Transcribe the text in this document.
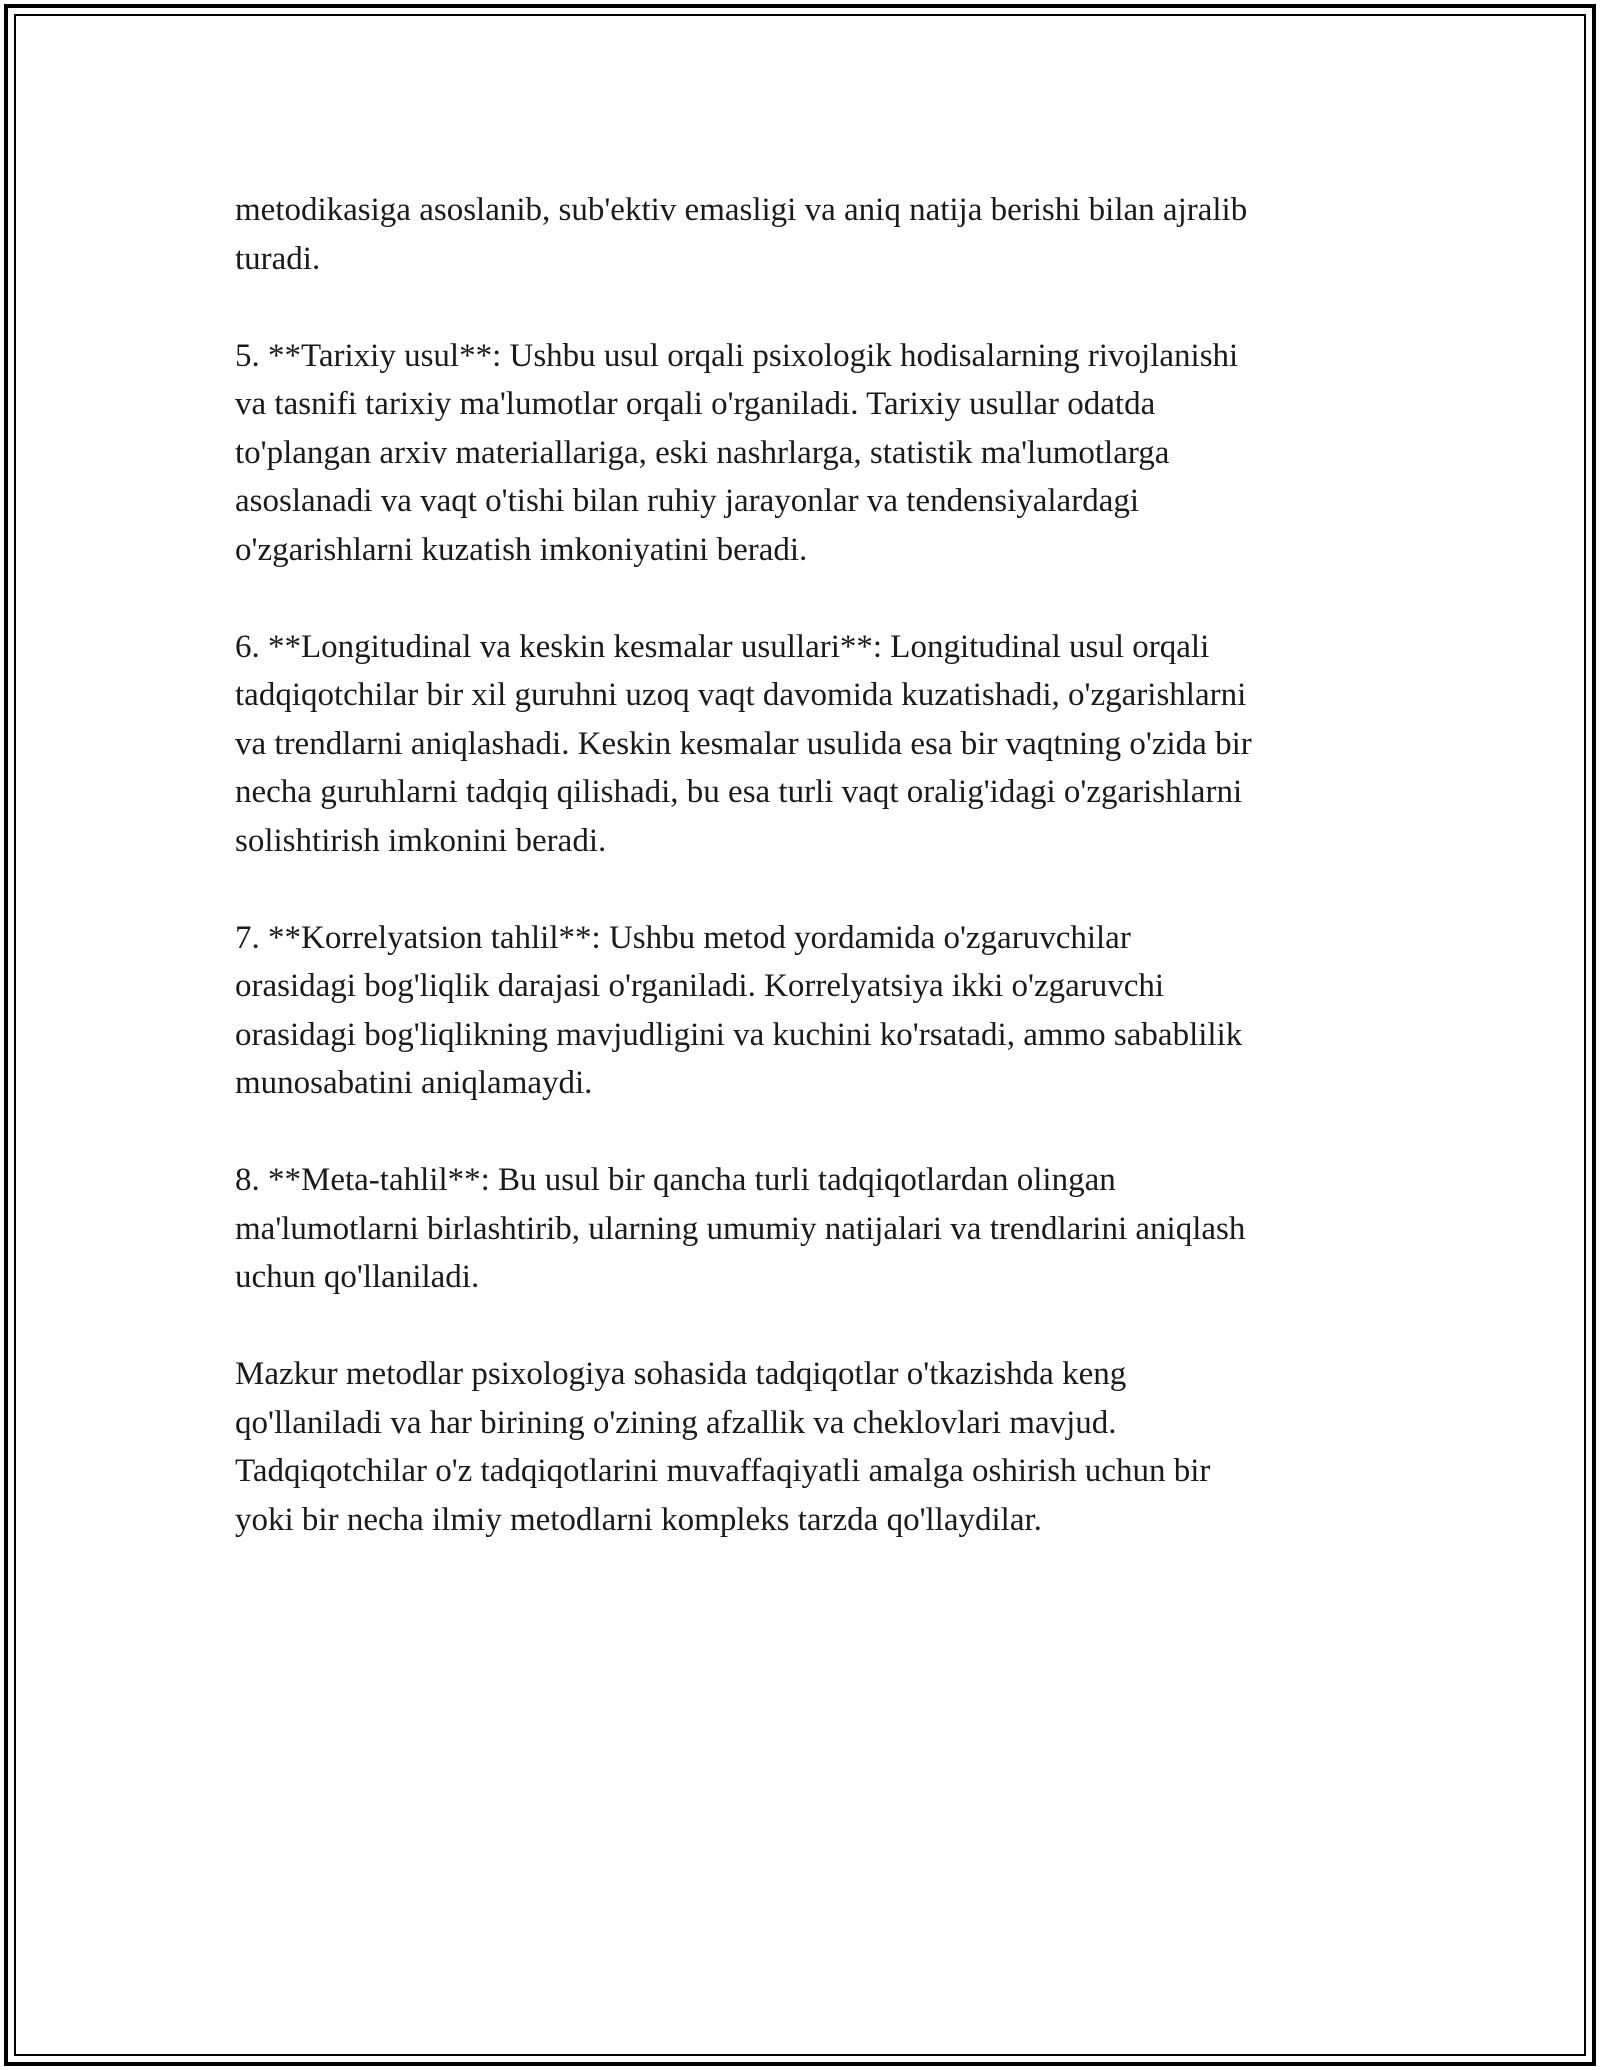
metodikasiga asoslanib, sub'ektiv emasligi va aniq natija berishi bilan ajralib
turadi.

5. **Tarixiy usul**: Ushbu usul orqali psixologik hodisalarning rivojlanishi
va tasnifi tarixiy ma'lumotlar orqali o'rganiladi. Tarixiy usullar odatda
to'plangan arxiv materiallariga, eski nashrlarga, statistik ma'lumotlarga
asoslanadi va vaqt o'tishi bilan ruhiy jarayonlar va tendensiyalardagi
o'zgarishlarni kuzatish imkoniyatini beradi.

6. **Longitudinal va keskin kesmalar usullari**: Longitudinal usul orqali
tadqiqotchilar bir xil guruhni uzoq vaqt davomida kuzatishadi, o'zgarishlarni
va trendlarni aniqlashadi. Keskin kesmalar usulida esa bir vaqtning o'zida bir
necha guruhlarni tadqiq qilishadi, bu esa turli vaqt oralig'idagi o'zgarishlarni
solishtirish imkonini beradi.

7. **Korrelyatsion tahlil**: Ushbu metod yordamida o'zgaruvchilar
orasidagi bog'liqlik darajasi o'rganiladi. Korrelyatsiya ikki o'zgaruvchi
orasidagi bog'liqlikning mavjudligini va kuchini ko'rsatadi, ammo sabablilik
munosabatini aniqlamaydi.

8. **Meta-tahlil**: Bu usul bir qancha turli tadqiqotlardan olingan
ma'lumotlarni birlashtirib, ularning umumiy natijalari va trendlarini aniqlash
uchun qo'llaniladi.

Mazkur metodlar psixologiya sohasida tadqiqotlar o'tkazishda keng
qo'llaniladi va har birining o'zining afzallik va cheklovlari mavjud.
Tadqiqotchilar o'z tadqiqotlarini muvaffaqiyatli amalga oshirish uchun bir
yoki bir necha ilmiy metodlarni kompleks tarzda qo'llaydilar.
